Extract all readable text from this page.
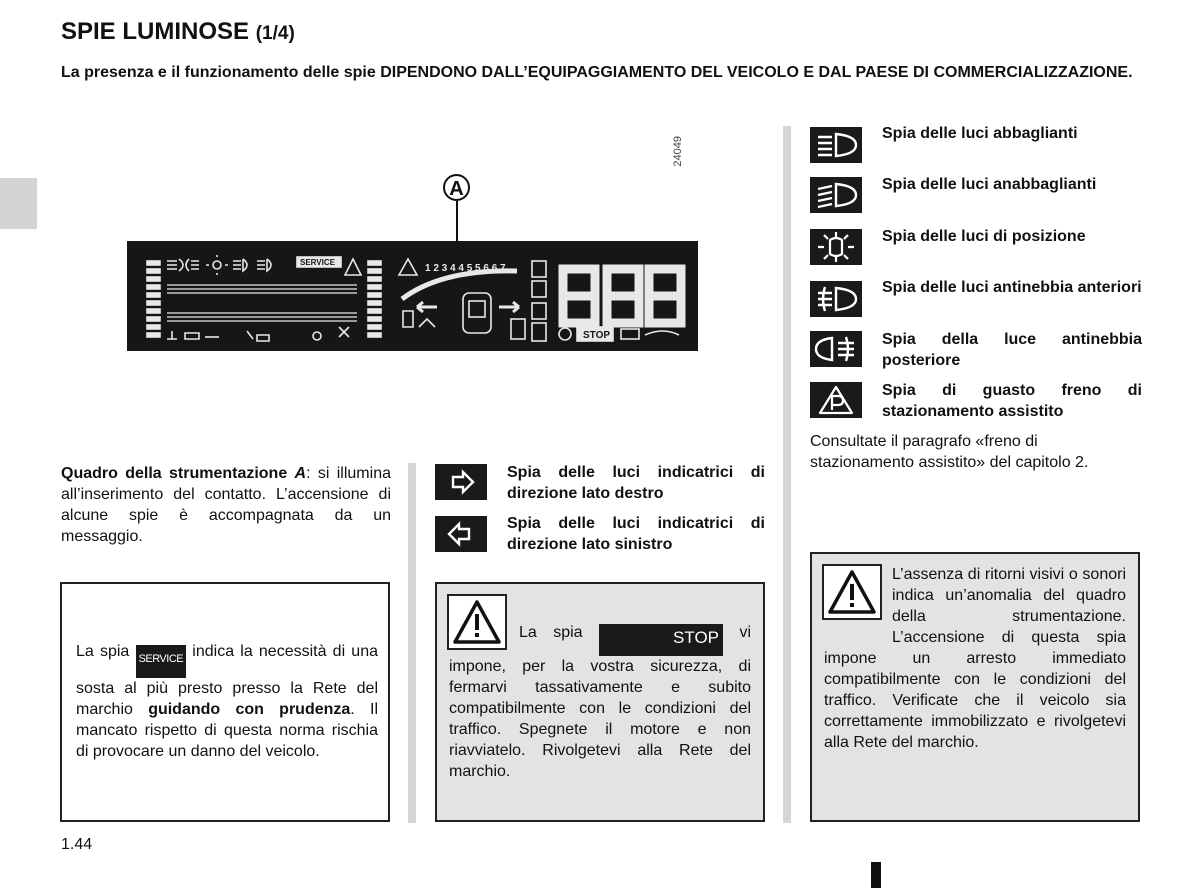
SPIE LUMINOSE (1/4)
La presenza e il funzionamento delle spie DIPENDONO DALL’EQUIPAGGIAMENTO DEL VEICOLO E DAL PAESE DI COMMERCIALIZZAZIONE.
24049
A
SERVICE
STOP
1 2 3 4 4 5 5 6 6 7	P
R
N
D
8
Quadro della strumentazione A: si illumina all’inserimento del contatto. L’accensione di alcune spie è accompagnata da un messaggio.
La spia SERVICE indica la necessità di una sosta al più presto presso la Rete del marchio guidando con prudenza. Il mancato rispetto di questa norma rischia di provocare un danno del veicolo.
Spia delle luci indicatrici di direzione lato destro
Spia delle luci indicatrici di direzione lato sinistro
La spia	STOP vi impone, per la vostra sicurezza, di fermarvi tassativamente e subito compatibilmente con le condizioni del traffico. Spegnete il motore e non riavviatelo. Rivolgetevi alla Rete del marchio.
Spia delle luci abbaglianti
Spia delle luci anabbaglianti
Spia delle luci di posizione
Spia delle luci antinebbia anteriori
Spia della luce antinebbia posteriore
Spia di guasto freno di stazionamento assistito
Consultate il paragrafo «freno di stazionamento assistito» del capitolo 2.
L’assenza di ritorni visivi o sonori indica un’anomalia del quadro della strumentazione. L’accensione di questa spia impone un arresto immediato compatibilmente con le condizioni del traffico. Verificate che il veicolo sia correttamente immobilizzato e rivolgetevi alla Rete del marchio.
1.44
